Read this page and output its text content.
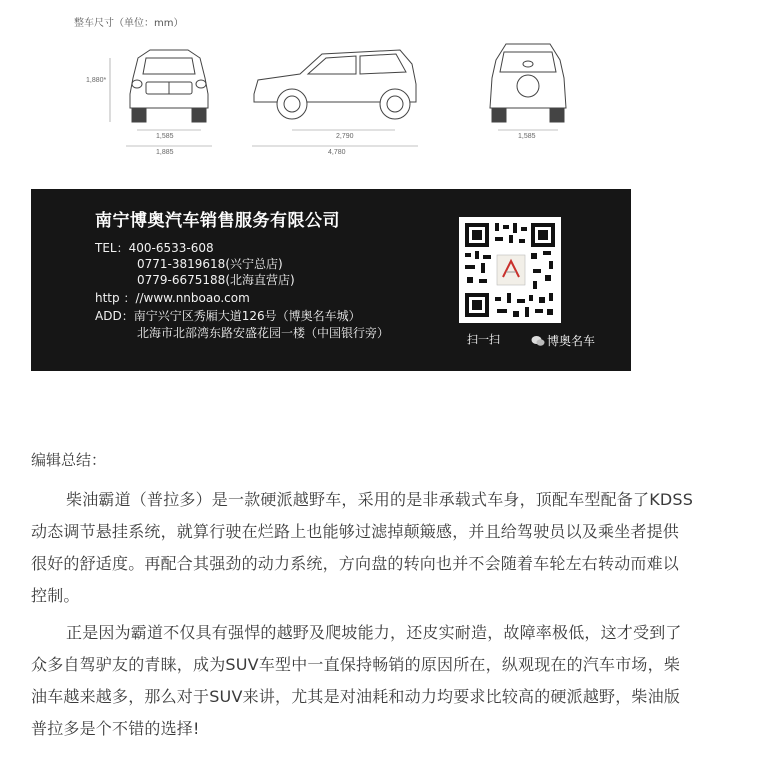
整车尺寸（单位：mm）
1,880*
1,585
1,885
2,790
4,780
1,585
南宁博奥汽车销售服务有限公司
TEL：400-6533-608
0771-3819618(兴宁总店)
0779-6675188(北海直营店)
http ：//www.nnboao.com
ADD：南宁兴宁区秀厢大道126号（博奥名车城）
北海市北部湾东路安盛花园一楼（中国银行旁）	扫一扫	博奥名车
编辑总结：
柴油霸道（普拉多）是一款硬派越野车，采用的是非承载式车身，顶配车型配备了KDSS
动态调节悬挂系统，就算行驶在烂路上也能够过滤掉颠簸感，并且给驾驶员以及乘坐者提供
很好的舒适度。再配合其强劲的动力系统，方向盘的转向也并不会随着车轮左右转动而难以
控制。
正是因为霸道不仅具有强悍的越野及爬坡能力，还皮实耐造，故障率极低，这才受到了
众多自驾驴友的青睐，成为SUV车型中一直保持畅销的原因所在，纵观现在的汽车市场，柴
油车越来越多，那么对于SUV来讲，尤其是对油耗和动力均要求比较高的硬派越野，柴油版
普拉多是个不错的选择!
